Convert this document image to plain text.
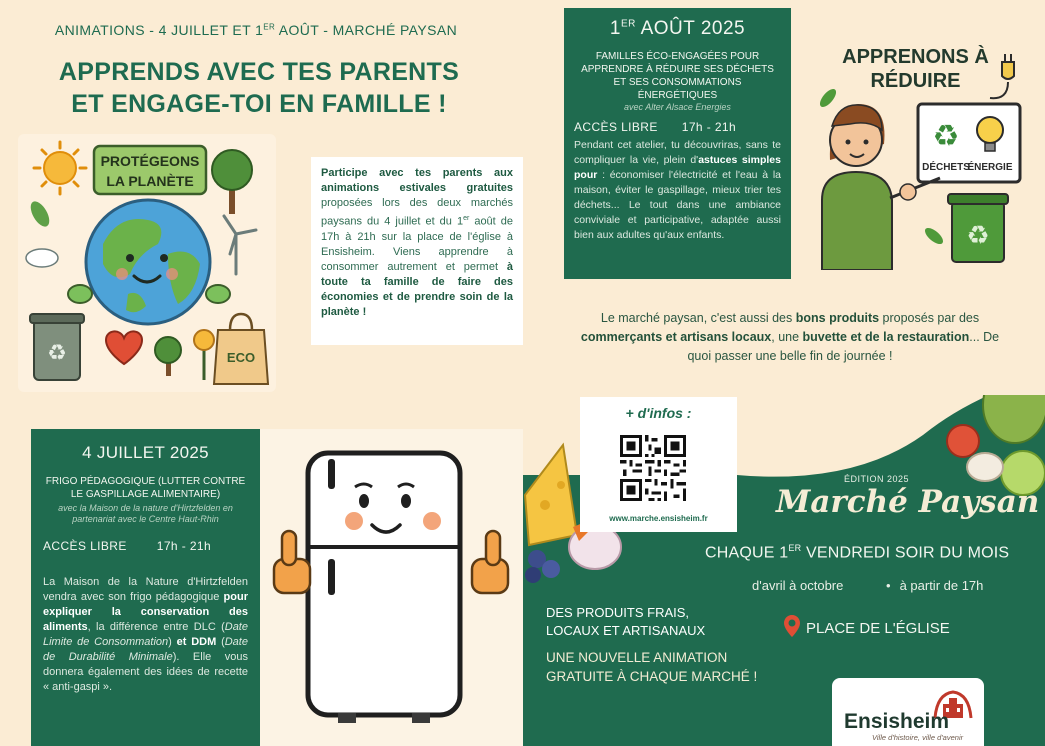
ANIMATIONS - 4 JUILLET ET 1ER AOÛT - MARCHÉ PAYSAN
APPRENDS AVEC TES PARENTS
ET ENGAGE-TOI EN FAMILLE !
PROTÉGEONS
LA PLANÈTE
♻	ECO
Participe avec tes parents aux animations estivales gratuites proposées lors des deux marchés paysans du 4 juillet et du 1er août de 17h à 21h sur la place de l'église à Ensisheim. Viens apprendre à consommer autrement et permet à toute ta famille de faire des économies et de prendre soin de la planète !
1ER AOÛT 2025
FAMILLES ÉCO-ENGAGÉES POUR APPRENDRE À RÉDUIRE SES DÉCHETS ET SES CONSOMMATIONS ÉNERGÉTIQUES
avec Alter Alsace Energies
ACCÈS LIBRE 17h - 21h
Pendant cet atelier, tu découvriras, sans te compliquer la vie, plein d'astuces simples pour : économiser l'électricité et l'eau à la maison, éviter le gaspillage, mieux trier tes déchets... Le tout dans une ambiance conviviale et participative, adaptée aussi bien aux adultes qu'aux enfants.
♻
DÉCHETS
ÉNERGIE
♻
APPRENONS À RÉDUIRE
Le marché paysan, c'est aussi des bons produits proposés par des commerçants et artisans locaux, une buvette et de la restauration... De quoi passer une belle fin de journée !
ÉDITION 2025
Marché Paysan
CHAQUE 1ER VENDREDI SOIR DU MOIS
d'avril à octobre
•	à partir de 17h
PLACE DE L'ÉGLISE
DES PRODUITS FRAIS,
LOCAUX ET ARTISANAUX
UNE NOUVELLE ANIMATION
GRATUITE À CHAQUE MARCHÉ !
+ d'infos :
www.marche.ensisheim.fr
Ensisheim
Ville d'histoire, ville d'avenir
4 JUILLET 2025
FRIGO PÉDAGOGIQUE (LUTTER CONTRE LE GASPILLAGE ALIMENTAIRE)
avec la Maison de la nature d'Hirtzfelden en partenariat avec le Centre Haut-Rhin
ACCÈS LIBRE	17h - 21h
La Maison de la Nature d'Hirtzfelden vendra avec son frigo pédagogique pour expliquer la conservation des aliments, la différence entre DLC (Date Limite de Consommation) et DDM (Date de Durabilité Minimale). Elle vous donnera également des idées de recette « anti-gaspi ».
